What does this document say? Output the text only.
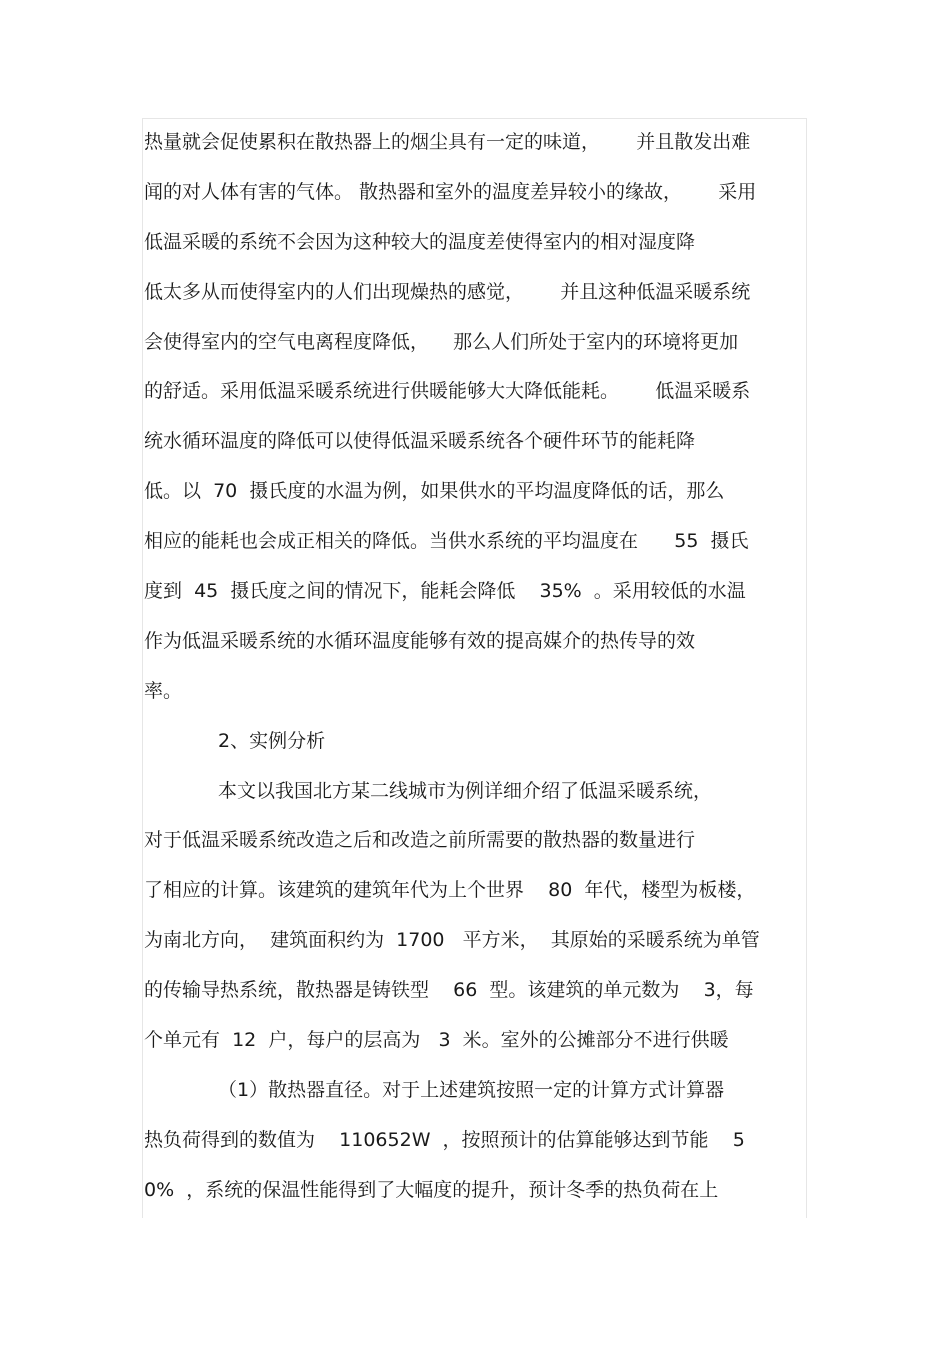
热量就会促使累积在散热器上的烟尘具有一定的味道，      并且散发出难
闻的对人体有害的气体。 散热器和室外的温度差异较小的缘故，      采用
低温采暖的系统不会因为这种较大的温度差使得室内的相对湿度降
低太多从而使得室内的人们出现燥热的感觉，      并且这种低温采暖系统
会使得室内的空气电离程度降低，    那么人们所处于室内的环境将更加
的舒适。采用低温采暖系统进行供暖能够大大降低能耗。      低温采暖系
统水循环温度的降低可以使得低温采暖系统各个硬件环节的能耗降
低。以  70  摄氏度的水温为例，如果供水的平均温度降低的话，那么
相应的能耗也会成正相关的降低。当供水系统的平均温度在      55  摄氏
度到  45  摄氏度之间的情况下，能耗会降低    35%  。采用较低的水温
作为低温采暖系统的水循环温度能够有效的提高媒介的热传导的效
率。
2、实例分析
本文以我国北方某二线城市为例详细介绍了低温采暖系统，
对于低温采暖系统改造之后和改造之前所需要的散热器的数量进行
了相应的计算。该建筑的建筑年代为上个世界    80  年代，楼型为板楼，
为南北方向，  建筑面积约为  1700   平方米，  其原始的采暖系统为单管
的传输导热系统，散热器是铸铁型    66  型。该建筑的单元数为    3，每
个单元有  12  户，每户的层高为   3  米。室外的公摊部分不进行供暖
（1）散热器直径。对于上述建筑按照一定的计算方式计算器
热负荷得到的数值为    110652W  ，按照预计的估算能够达到节能    5
0%  ，系统的保温性能得到了大幅度的提升，预计冬季的热负荷在上
